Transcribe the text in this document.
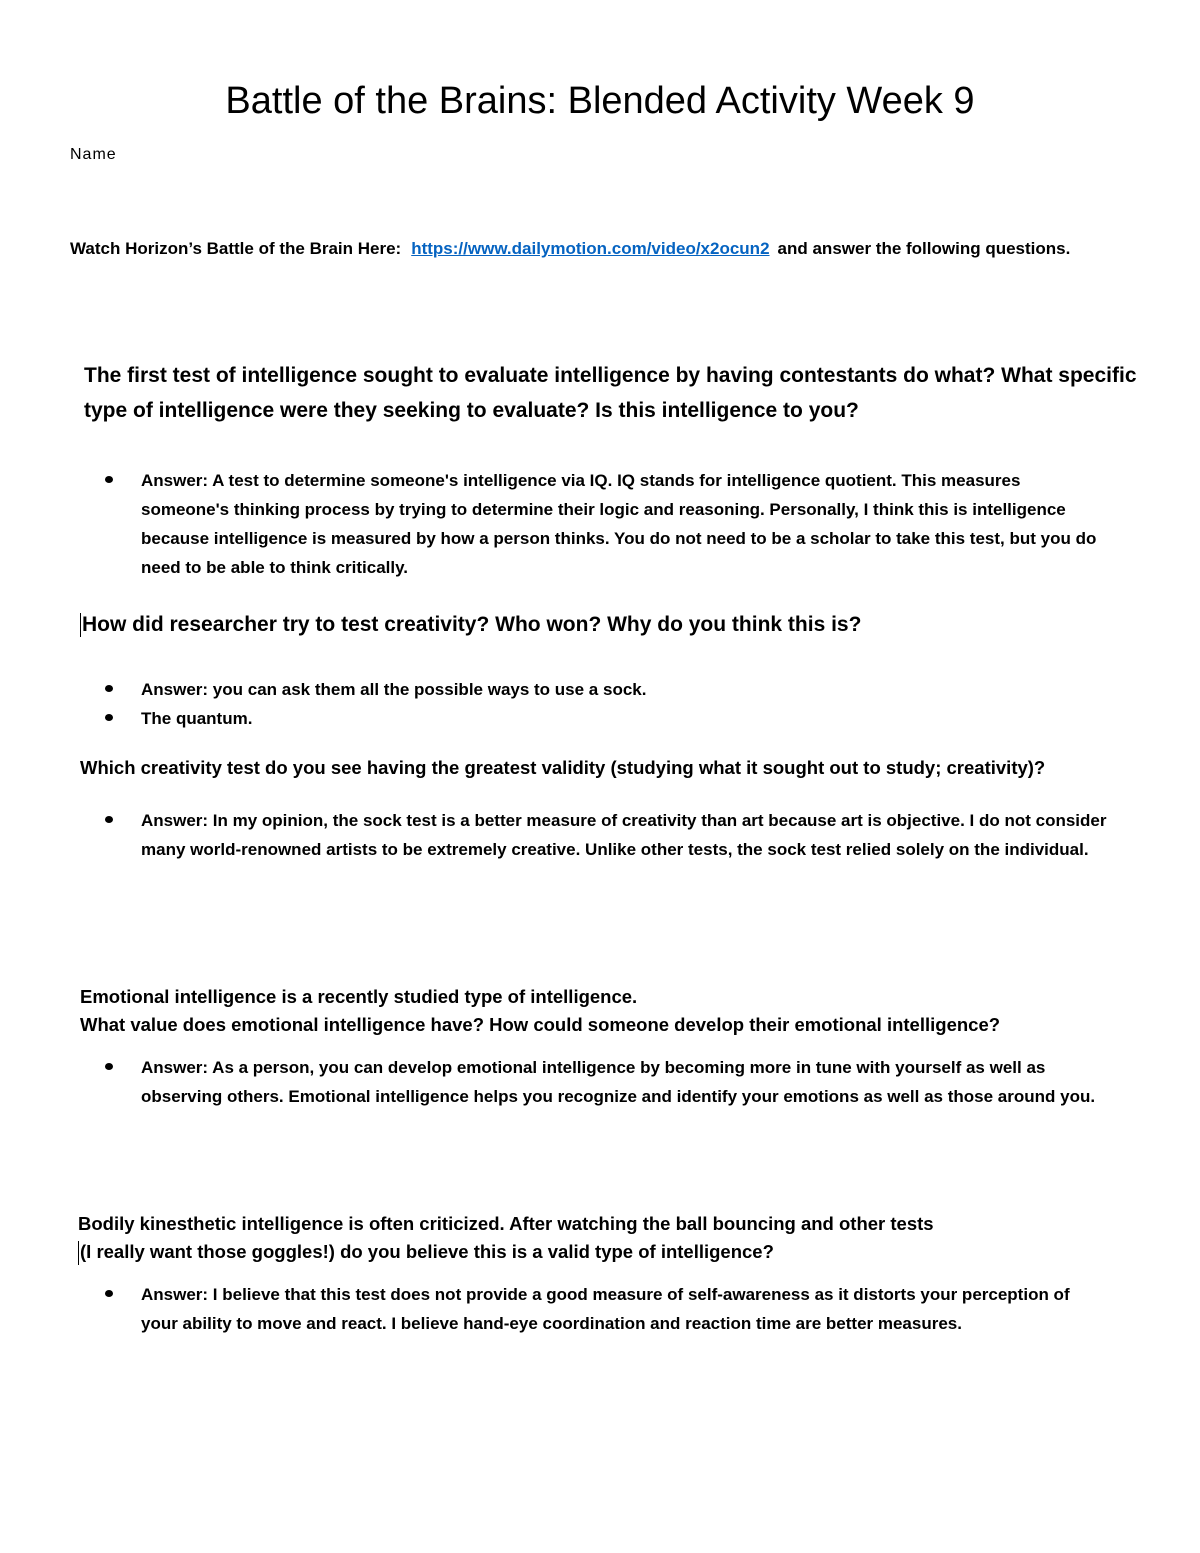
Battle of the Brains: Blended Activity Week 9
Name
Watch Horizon’s Battle of the Brain Here: https://www.dailymotion.com/video/x2ocun2 and answer the following questions.

The first test of intelligence sought to evaluate intelligence by having contestants do what? What specific type of intelligence were they seeking to evaluate? Is this intelligence to you?

Answer: A test to determine someone's intelligence via IQ. IQ stands for intelligence quotient. This measures someone's thinking process by trying to determine their logic and reasoning. Personally, I think this is intelligence because intelligence is measured by how a person thinks. You do not need to be a scholar to take this test, but you do need to be able to think critically.

How did researcher try to test creativity? Who won? Why do you think this is?

Answer: you can ask them all the possible ways to use a sock.
The quantum.

Which creativity test do you see having the greatest validity (studying what it sought out to study; creativity)?

Answer: In my opinion, the sock test is a better measure of creativity than art because art is objective. I do not consider many world-renowned artists to be extremely creative. Unlike other tests, the sock test relied solely on the individual.
Emotional intelligence is a recently studied type of intelligence.
What value does emotional intelligence have? How could someone develop their emotional intelligence?
Answer: As a person, you can develop emotional intelligence by becoming more in tune with yourself as well as observing others. Emotional intelligence helps you recognize and identify your emotions as well as those around you.
Bodily kinesthetic intelligence is often criticized. After watching the ball bouncing and other tests
(I really want those goggles!) do you believe this is a valid type of intelligence?
Answer: I believe that this test does not provide a good measure of self-awareness as it distorts your perception of your ability to move and react. I believe hand-eye coordination and reaction time are better measures.
